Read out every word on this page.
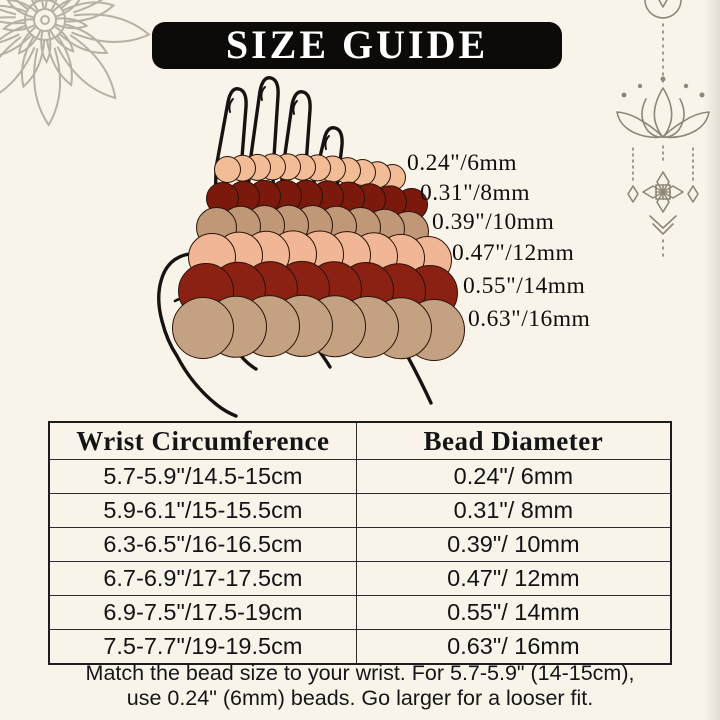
SIZE GUIDE
0.24"/6mm
0.31"/8mm
0.39"/10mm
0.47"/12mm
0.55"/14mm
0.63"/16mm
Wrist Circumference	Bead Diameter
5.7-5.9"/14.5-15cm	0.24"/ 6mm
5.9-6.1"/15-15.5cm	0.31"/ 8mm
6.3-6.5"/16-16.5cm	0.39"/ 10mm
6.7-6.9"/17-17.5cm	0.47"/ 12mm
6.9-7.5"/17.5-19cm	0.55"/ 14mm
7.5-7.7"/19-19.5cm	0.63"/ 16mm
Match the bead size to your wrist. For 5.7-5.9" (14-15cm),
use 0.24" (6mm) beads. Go larger for a looser fit.
